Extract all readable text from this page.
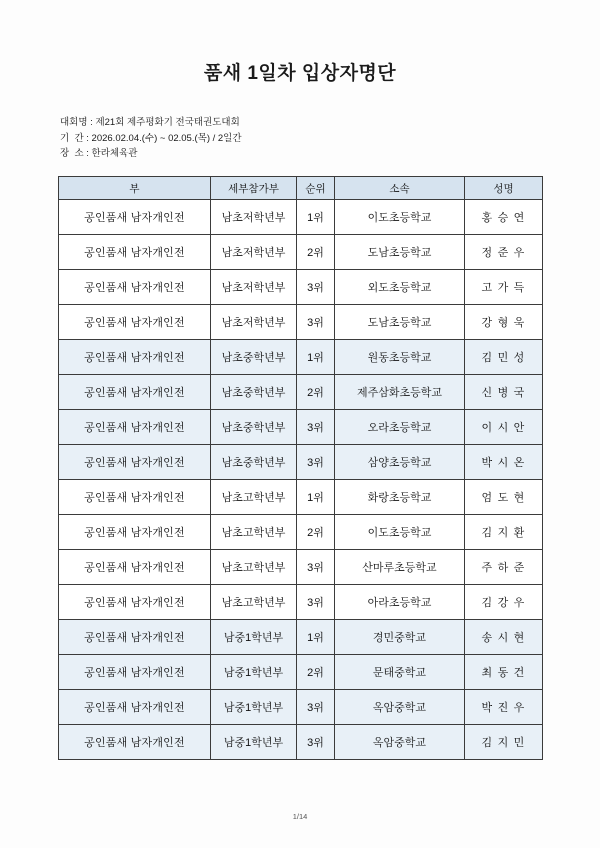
품새 1일차 입상자명단
대회명 : 제21회 제주평화기 전국태권도대회
기  간 : 2026.02.04.(수) ~ 02.05.(목) / 2일간
장  소 : 한라체육관
부	세부참가부	순위	소속	성명
공인품새 남자개인전	남초저학년부	1위	이도초등학교	홍 승 연
공인품새 남자개인전	남초저학년부	2위	도남초등학교	정 준 우
공인품새 남자개인전	남초저학년부	3위	외도초등학교	고 가 득
공인품새 남자개인전	남초저학년부	3위	도남초등학교	강 형 욱
공인품새 남자개인전	남초중학년부	1위	원동초등학교	김 민 성
공인품새 남자개인전	남초중학년부	2위	제주삼화초등학교	신 병 국
공인품새 남자개인전	남초중학년부	3위	오라초등학교	이 시 안
공인품새 남자개인전	남초중학년부	3위	삼양초등학교	박 시 온
공인품새 남자개인전	남초고학년부	1위	화랑초등학교	엄 도 현
공인품새 남자개인전	남초고학년부	2위	이도초등학교	김 지 환
공인품새 남자개인전	남초고학년부	3위	산마루초등학교	주 하 준
공인품새 남자개인전	남초고학년부	3위	아라초등학교	김 강 우
공인품새 남자개인전	남중1학년부	1위	경민중학교	송 시 현
공인품새 남자개인전	남중1학년부	2위	문태중학교	최 동 건
공인품새 남자개인전	남중1학년부	3위	옥암중학교	박 진 우
공인품새 남자개인전	남중1학년부	3위	옥암중학교	김 지 민
1/14
